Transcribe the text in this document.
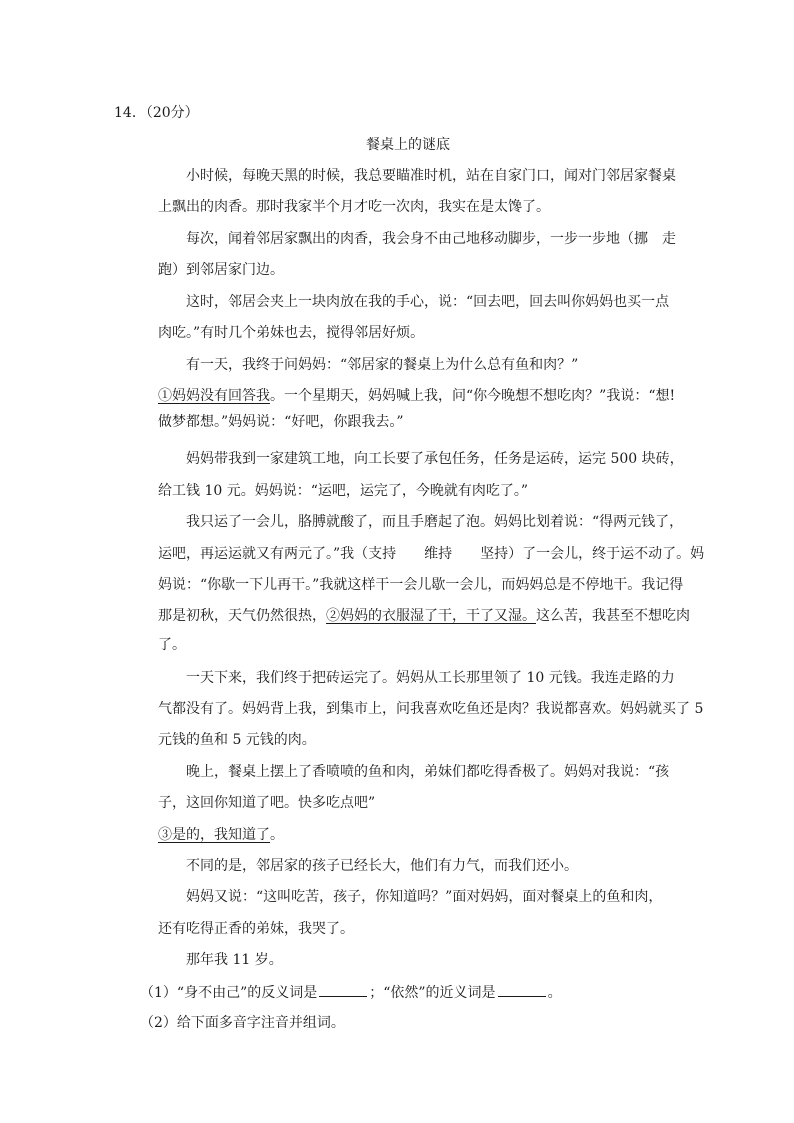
14．（20分）
餐桌上的谜底
小时候，每晚天黑的时候，我总要瞄准时机，站在自家门口，闻对门邻居家餐桌
上飘出的肉香。那时我家半个月才吃一次肉，我实在是太馋了。
每次，闻着邻居家飘出的肉香，我会身不由己地移动脚步，一步一步地（挪　走
跑）到邻居家门边。
这时，邻居会夹上一块肉放在我的手心，说：“回去吧，回去叫你妈妈也买一点
肉吃。”有时几个弟妹也去，搅得邻居好烦。
有一天，我终于问妈妈：“邻居家的餐桌上为什么总有鱼和肉？”
①妈妈没有回答我。一个星期天，妈妈喊上我，问“你今晚想不想吃肉？”我说：“想!
做梦都想。”妈妈说：“好吧，你跟我去。”
妈妈带我到一家建筑工地，向工长要了承包任务，任务是运砖，运完 500 块砖，
给工钱 10 元。妈妈说：“运吧，运完了，今晚就有肉吃了。”
我只运了一会儿，胳膊就酸了，而且手磨起了泡。妈妈比划着说：“得两元钱了，
运吧，再运运就又有两元了。”我（支持　　维持　　坚持）了一会儿，终于运不动了。妈
妈说：“你歇一下儿再干。”我就这样干一会儿歇一会儿，而妈妈总是不停地干。我记得
那是初秋，天气仍然很热，②妈妈的衣服湿了干，干了又湿。这么苦，我甚至不想吃肉
了。
一天下来，我们终于把砖运完了。妈妈从工长那里领了 10 元钱。我连走路的力
气都没有了。妈妈背上我，到集市上，问我喜欢吃鱼还是肉？我说都喜欢。妈妈就买了 5
元钱的鱼和 5 元钱的肉。
晚上，餐桌上摆上了香喷喷的鱼和肉，弟妹们都吃得香极了。妈妈对我说：“孩
子，这回你知道了吧。快多吃点吧”
③是的，我知道了。
不同的是，邻居家的孩子已经长大，他们有力气，而我们还小。
妈妈又说：“这叫吃苦，孩子，你知道吗？”面对妈妈，面对餐桌上的鱼和肉，
还有吃得正香的弟妹，我哭了。
那年我 11 岁。
（1）“身不由己”的反义词是	；“依然”的近义词是	。
（2）给下面多音字注音并组词。
